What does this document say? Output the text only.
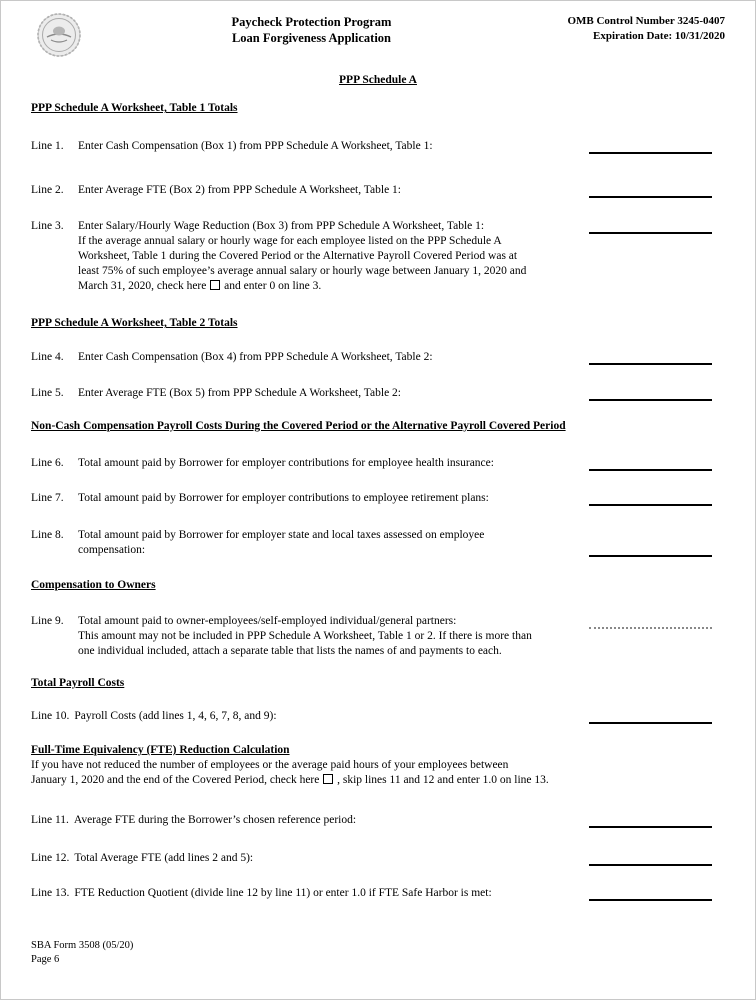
Paycheck Protection Program
Loan Forgiveness Application
OMB Control Number 3245-0407
Expiration Date: 10/31/2020
PPP Schedule A
PPP Schedule A Worksheet, Table 1 Totals
Line 1.	Enter Cash Compensation (Box 1) from PPP Schedule A Worksheet, Table 1:
Line 2.	Enter Average FTE (Box 2) from PPP Schedule A Worksheet, Table 1:
Line 3.	Enter Salary/Hourly Wage Reduction (Box 3) from PPP Schedule A Worksheet, Table 1:
If the average annual salary or hourly wage for each employee listed on the PPP Schedule A Worksheet, Table 1 during the Covered Period or the Alternative Payroll Covered Period was at least 75% of such employee’s average annual salary or hourly wage between January 1, 2020 and March 31, 2020, check here and enter 0 on line 3.
PPP Schedule A Worksheet, Table 2 Totals
Line 4.	Enter Cash Compensation (Box 4) from PPP Schedule A Worksheet, Table 2:
Line 5.	Enter Average FTE (Box 5) from PPP Schedule A Worksheet, Table 2:
Non-Cash Compensation Payroll Costs During the Covered Period or the Alternative Payroll Covered Period
Line 6.	Total amount paid by Borrower for employer contributions for employee health insurance:
Line 7.	Total amount paid by Borrower for employer contributions to employee retirement plans:
Line 8.	Total amount paid by Borrower for employer state and local taxes assessed on employee compensation:
Compensation to Owners
Line 9.	Total amount paid to owner-employees/self-employed individual/general partners:
This amount may not be included in PPP Schedule A Worksheet, Table 1 or 2. If there is more than one individual included, attach a separate table that lists the names of and payments to each.
Total Payroll Costs
Line 10. Payroll Costs (add lines 1, 4, 6, 7, 8, and 9):
Full-Time Equivalency (FTE) Reduction Calculation
If you have not reduced the number of employees or the average paid hours of your employees between
January 1, 2020 and the end of the Covered Period, check here , skip lines 11 and 12 and enter 1.0 on line 13.
Line 11. Average FTE during the Borrower’s chosen reference period:
Line 12. Total Average FTE (add lines 2 and 5):
Line 13. FTE Reduction Quotient (divide line 12 by line 11) or enter 1.0 if FTE Safe Harbor is met:
SBA Form 3508 (05/20)
Page 6
